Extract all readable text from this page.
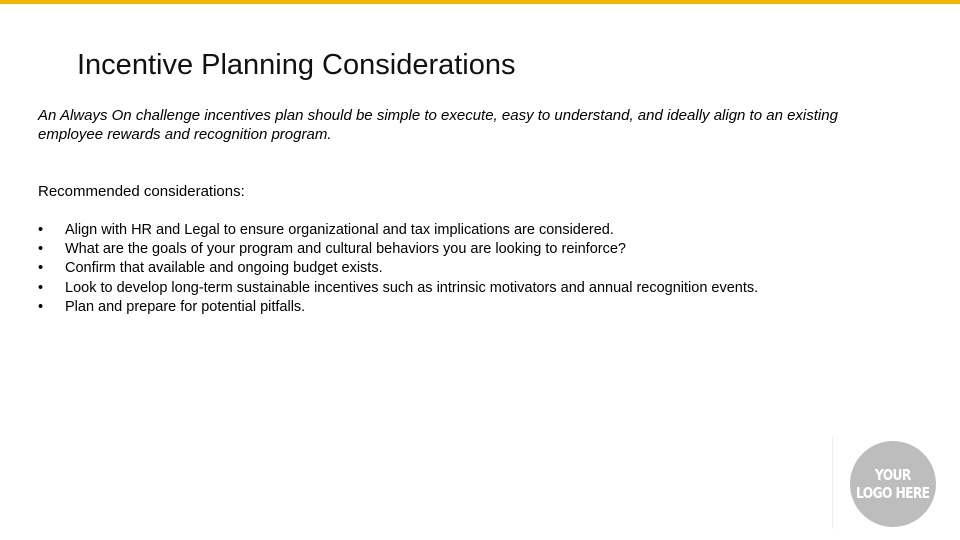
Incentive Planning Considerations
An Always On challenge incentives plan should be simple to execute, easy to understand, and ideally align to an existing employee rewards and recognition program.
Recommended considerations:
• Align with HR and Legal to ensure organizational and tax implications are considered.
• What are the goals of your program and cultural behaviors you are looking to reinforce?
• Confirm that available and ongoing budget exists.
• Look to develop long-term sustainable incentives such as intrinsic motivators and annual recognition events.
• Plan and prepare for potential pitfalls.
YOUR
LOGO HERE
